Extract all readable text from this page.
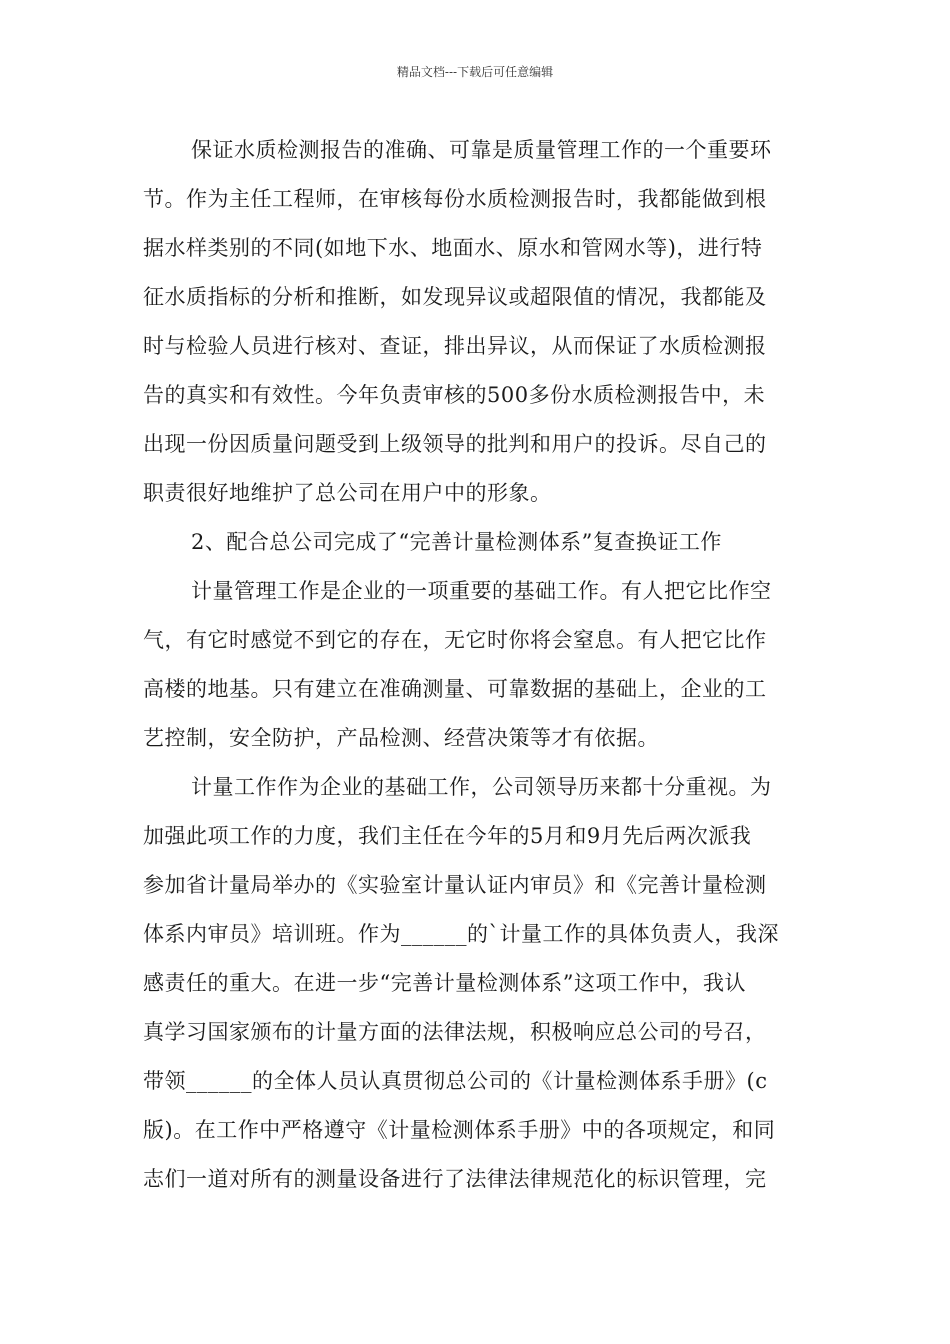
精品文档---下载后可任意编辑
保证水质检测报告的准确、可靠是质量管理工作的一个重要环
节。作为主任工程师，在审核每份水质检测报告时，我都能做到根
据水样类别的不同(如地下水、地面水、原水和管网水等)，进行特
征水质指标的分析和推断，如发现异议或超限值的情况，我都能及
时与检验人员进行核对、查证，排出异议，从而保证了水质检测报
告的真实和有效性。今年负责审核的500多份水质检测报告中，未
出现一份因质量问题受到上级领导的批判和用户的投诉。尽自己的
职责很好地维护了总公司在用户中的形象。
2、配合总公司完成了“完善计量检测体系”复查换证工作
计量管理工作是企业的一项重要的基础工作。有人把它比作空
气，有它时感觉不到它的存在，无它时你将会窒息。有人把它比作
高楼的地基。只有建立在准确测量、可靠数据的基础上，企业的工
艺控制，安全防护，产品检测、经营决策等才有依据。
计量工作作为企业的基础工作，公司领导历来都十分重视。为
加强此项工作的力度，我们主任在今年的5月和9月先后两次派我
参加省计量局举办的《实验室计量认证内审员》和《完善计量检测
体系内审员》培训班。作为______的`计量工作的具体负责人，我深
感责任的重大。在进一步“完善计量检测体系”这项工作中，我认
真学习国家颁布的计量方面的法律法规，积极响应总公司的号召，
带领______的全体人员认真贯彻总公司的《计量检测体系手册》(c
版)。在工作中严格遵守《计量检测体系手册》中的各项规定，和同
志们一道对所有的测量设备进行了法律法律规范化的标识管理，完
